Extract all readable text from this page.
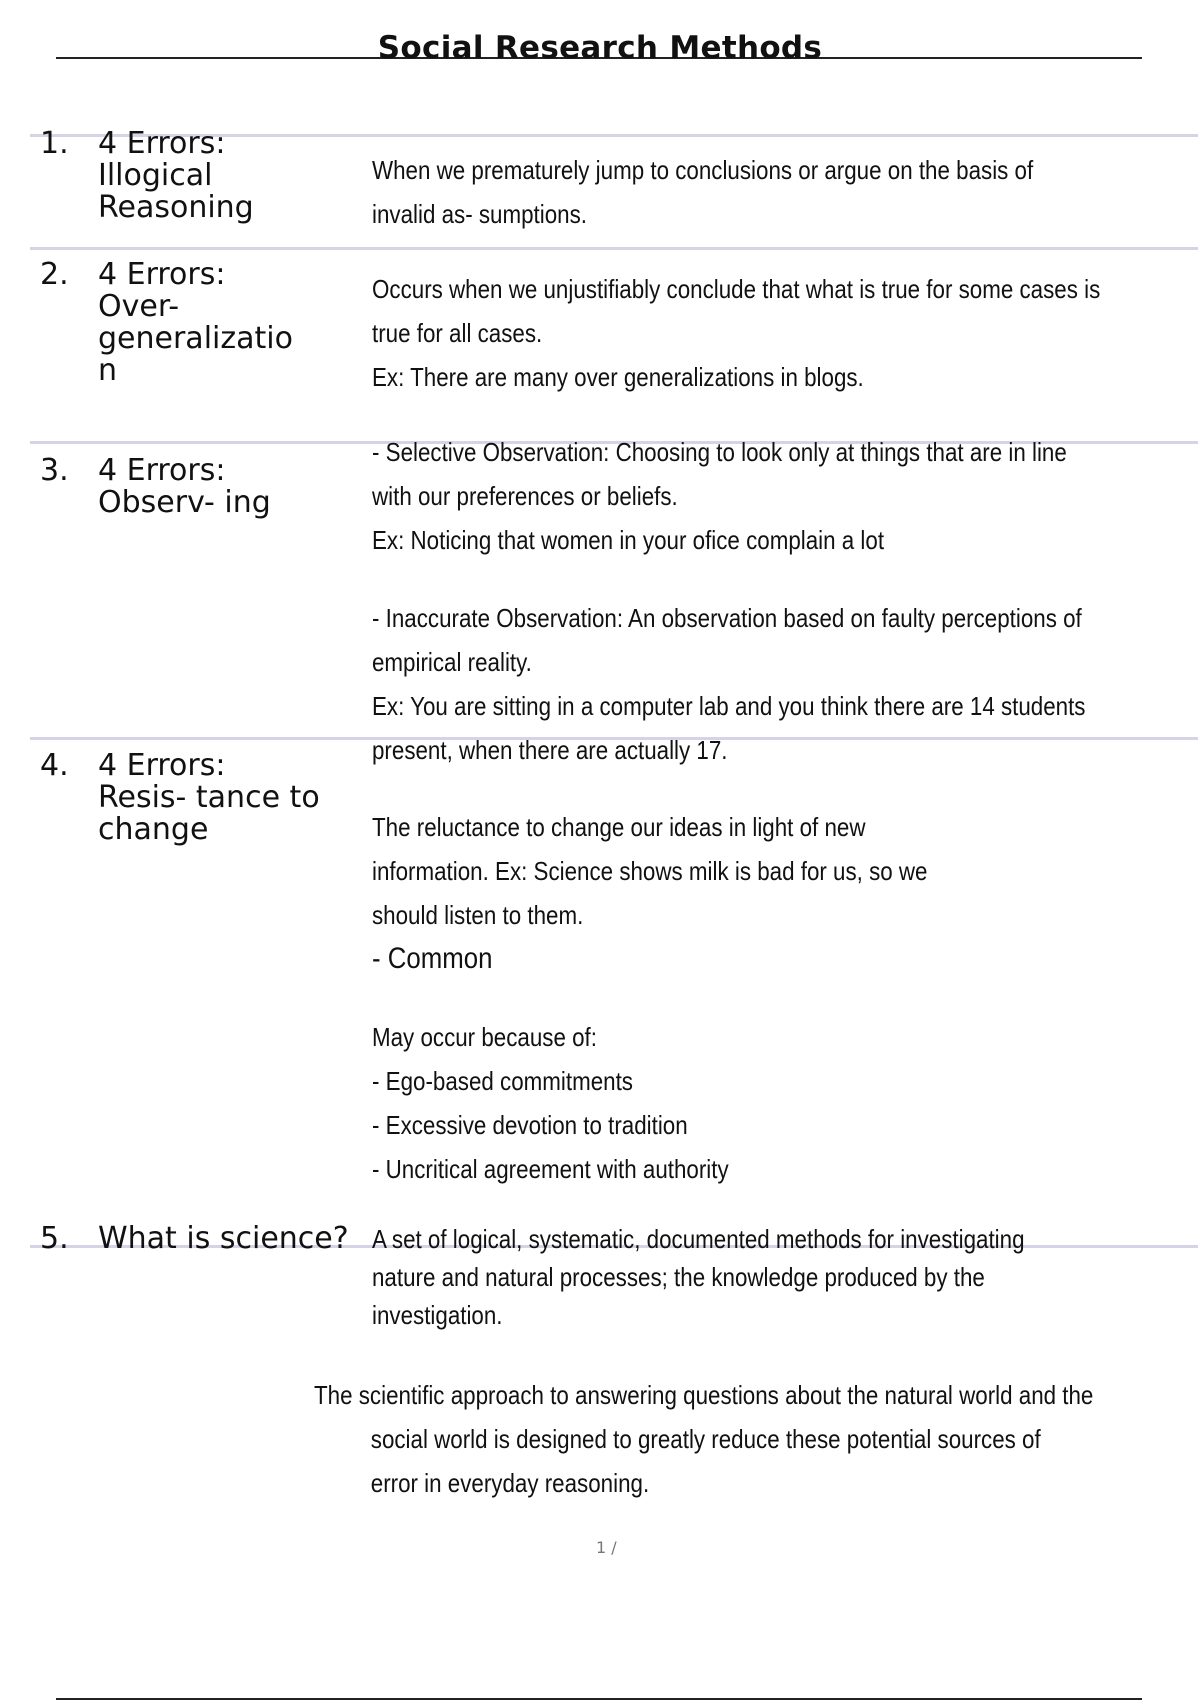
Social Research Methods
1. 4 Errors:
Illogical
Reasoning

When we prematurely jump to conclusions or argue on the basis of

invalid as- sumptions.

2. 4 Errors:
Over-
generalizatio
n

Occurs when we unjustifiably conclude that what is true for some cases is

true for all cases.

Ex: There are many over generalizations in blogs.

3. 4 Errors:
Observ- ing

- Selective Observation: Choosing to look only at things that are in line

with our preferences or beliefs.

Ex: Noticing that women in your ofice complain a lot

- Inaccurate Observation: An observation based on faulty perceptions of

empirical reality.

Ex: You are sitting in a computer lab and you think there are 14 students

present, when there are actually 17.

4. 4 Errors:
Resis- tance to
change	The reluctance to change our ideas in light of new

information. Ex: Science shows milk is bad for us, so we

should listen to them.

- Common

May occur because of:

- Ego-based commitments

- Excessive devotion to tradition

- Uncritical agreement with authority

5. What is science? A set of logical, systematic, documented methods for investigating

nature and natural processes; the knowledge produced by the

investigation.

The scientific approach to answering questions about the natural world and the

social world is designed to greatly reduce these potential sources of

error in everyday reasoning.

1 /
